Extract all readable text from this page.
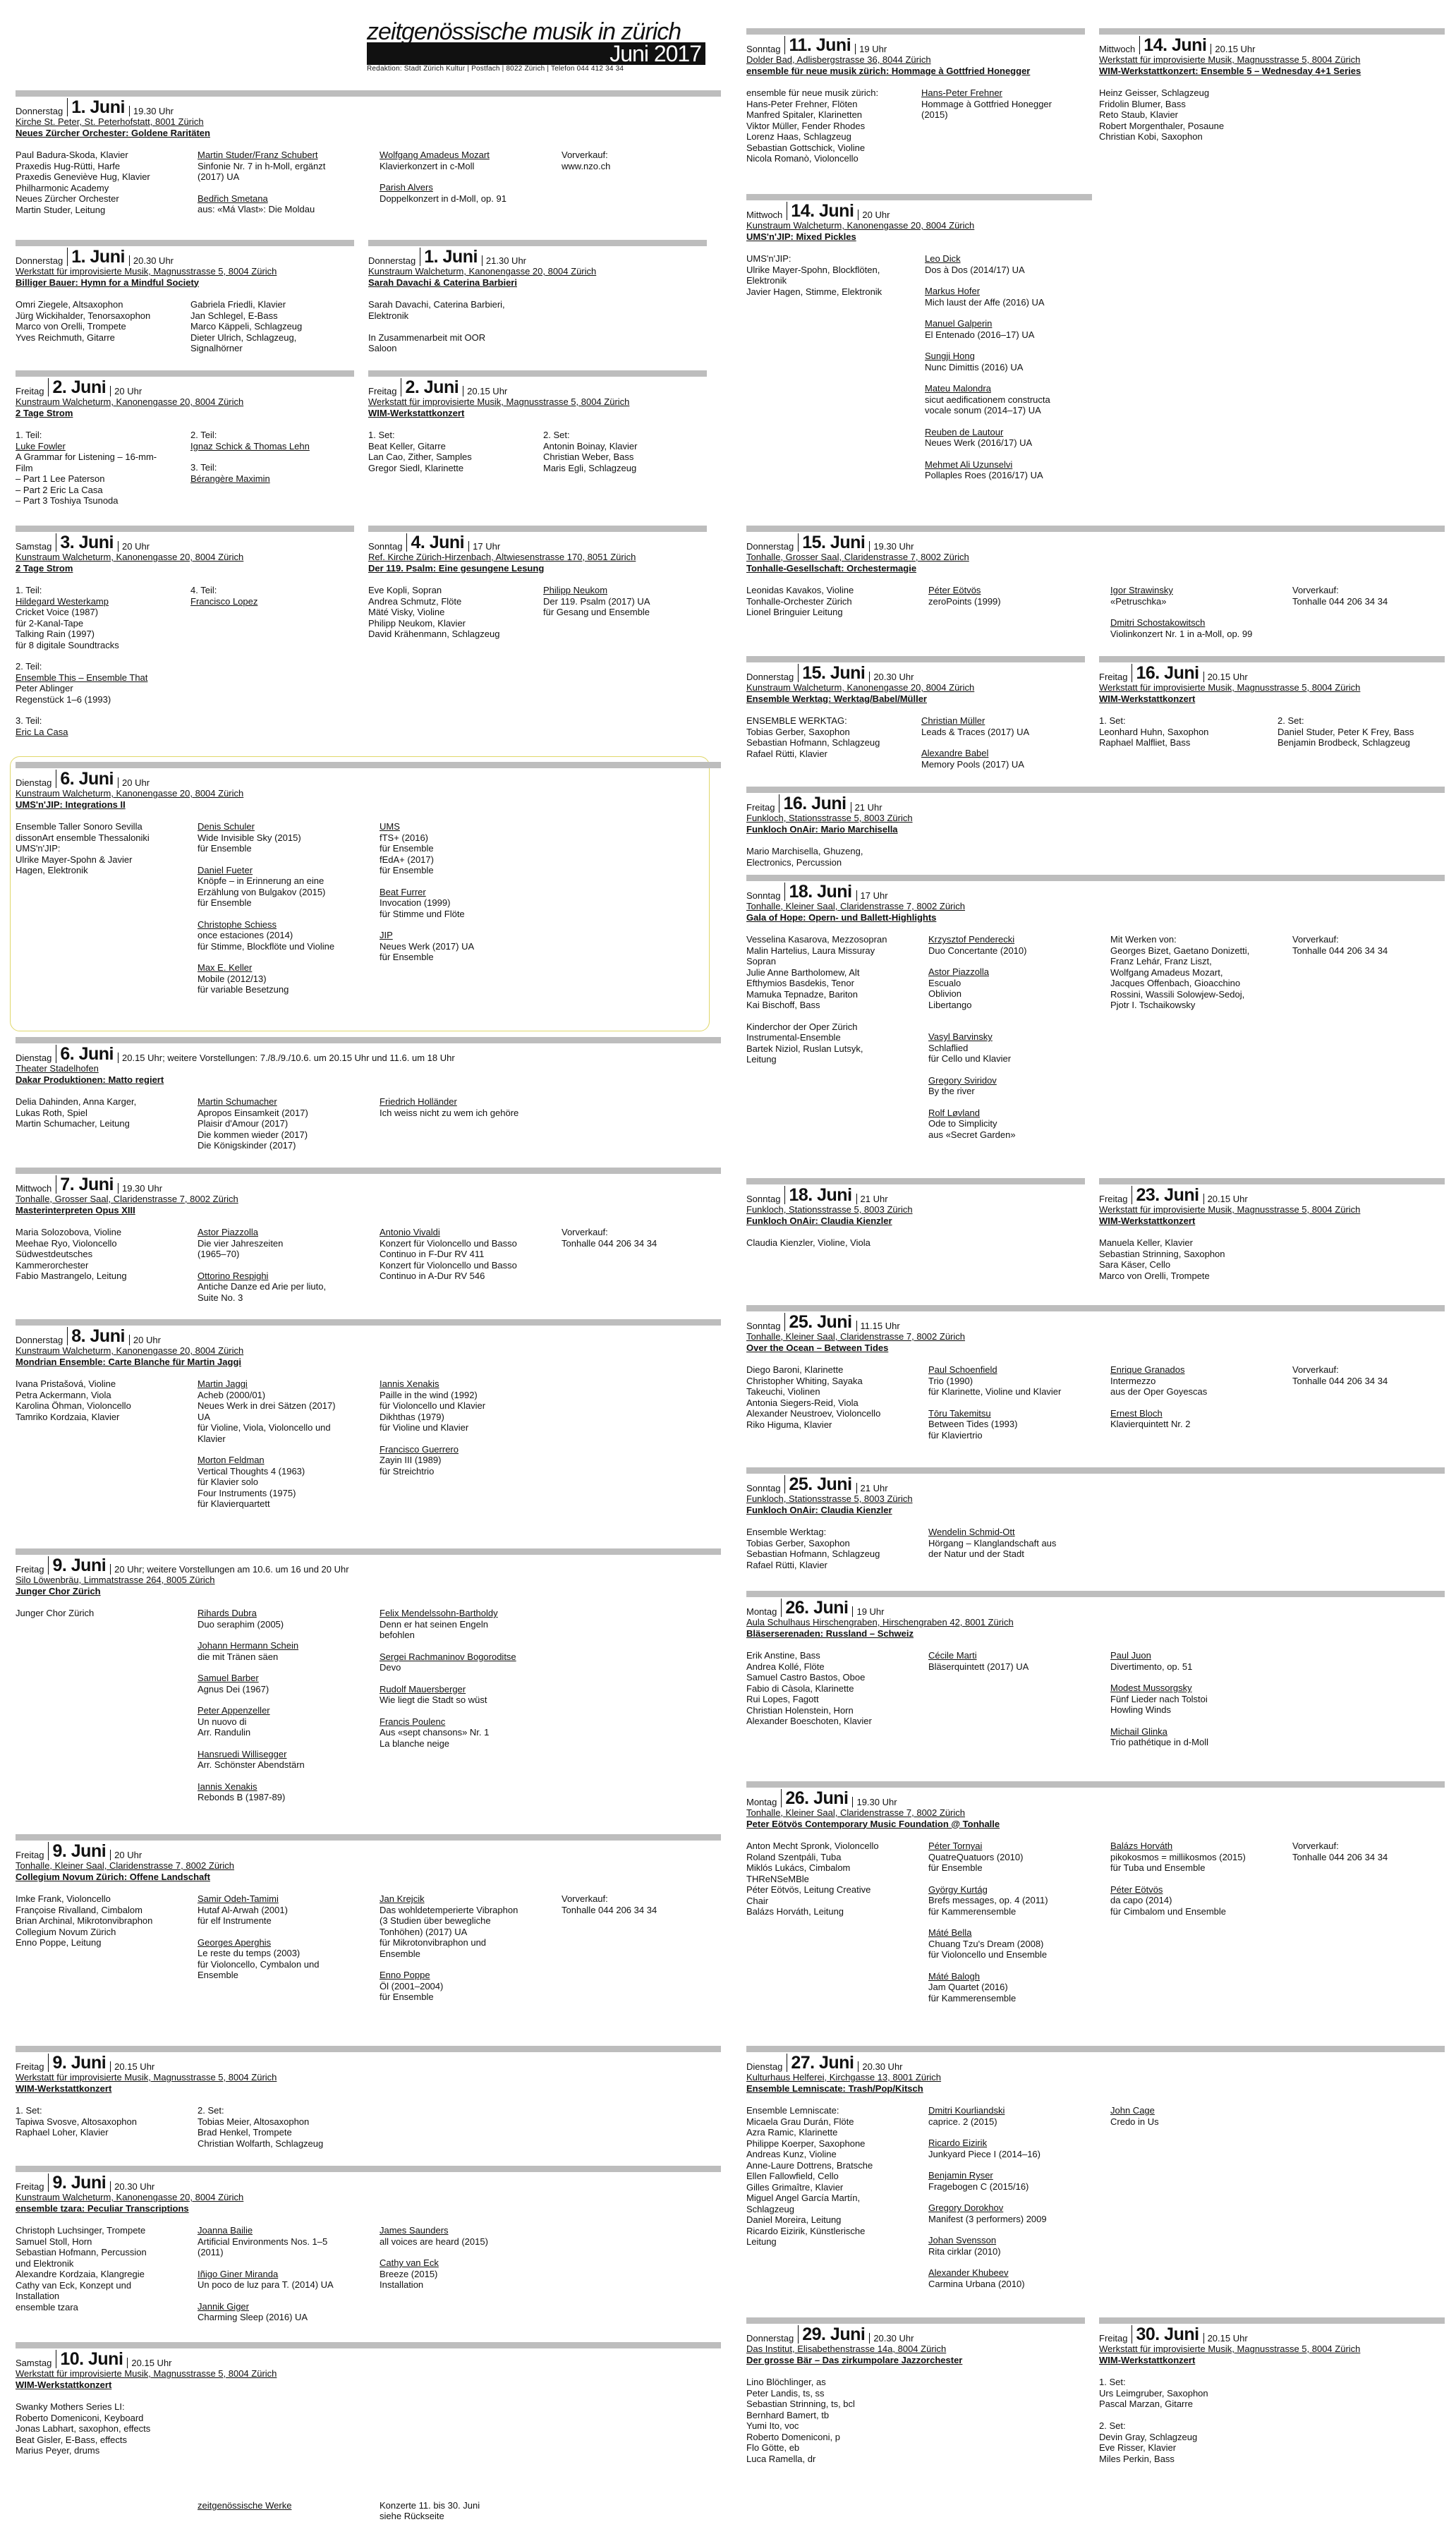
zeitgenössische musik in zürich
Juni 2017
Redaktion: Stadt Zürich Kultur | Postfach | 8022 Zürich | Telefon 044 412 34 34
Donnerstag 1. Juni 19.30 Uhr
Kirche St. Peter, St. Peterhofstatt, 8001 Zürich
Neues Zürcher Orchester: Goldene Raritäten
Paul Badura-Skoda, Klavier
Praxedis Hug-Rütti, Harfe
Praxedis Geneviève Hug, Klavier
Philharmonic Academy
Neues Zürcher Orchester
Martin Studer, Leitung
Martin Studer/Franz Schubert
Sinfonie Nr. 7 in h-Moll, ergänzt
(2017) UA
Bedřich Smetana
aus: «Má Vlast»: Die Moldau
Wolfgang Amadeus Mozart
Klavierkonzert in c-Moll
Parish Alvers
Doppelkonzert in d-Moll, op. 91
Vorverkauf:
www.nzo.ch
Donnerstag 1. Juni 20.30 Uhr
Werkstatt für improvisierte Musik, Magnusstrasse 5, 8004 Zürich
Billiger Bauer: Hymn for a Mindful Society
Omri Ziegele, Altsaxophon
Jürg Wickihalder, Tenorsaxophon
Marco von Orelli, Trompete
Yves Reichmuth, Gitarre
Gabriela Friedli, Klavier
Jan Schlegel, E-Bass
Marco Käppeli, Schlagzeug
Dieter Ulrich, Schlagzeug,
Signalhörner
Donnerstag 1. Juni 21.30 Uhr
Kunstraum Walcheturm, Kanonengasse 20, 8004 Zürich
Sarah Davachi & Caterina Barbieri
Sarah Davachi, Caterina Barbieri,
Elektronik

In Zusammenarbeit mit OOR
Saloon
Freitag 2. Juni 20 Uhr
Kunstraum Walcheturm, Kanonengasse 20, 8004 Zürich
2 Tage Strom
1. Teil:
Luke Fowler
A Grammar for Listening – 16-mm-
Film
– Part 1 Lee Paterson
– Part 2 Eric La Casa
– Part 3 Toshiya Tsunoda
2. Teil:
Ignaz Schick & Thomas Lehn
3. Teil:
Bérangère Maximin
Freitag 2. Juni 20.15 Uhr
Werkstatt für improvisierte Musik, Magnusstrasse 5, 8004 Zürich
WIM-Werkstattkonzert
1. Set:
Beat Keller, Gitarre
Lan Cao, Zither, Samples
Gregor Siedl, Klarinette
2. Set:
Antonin Boinay, Klavier
Christian Weber, Bass
Maris Egli, Schlagzeug
Samstag 3. Juni 20 Uhr
Kunstraum Walcheturm, Kanonengasse 20, 8004 Zürich
2 Tage Strom
1. Teil:
Hildegard Westerkamp
Cricket Voice (1987)
für 2-Kanal-Tape
Talking Rain (1997)
für 8 digitale Soundtracks
2. Teil:
Ensemble This – Ensemble That
Peter Ablinger
Regenstück 1–6 (1993)
3. Teil:
Eric La Casa
4. Teil:
Francisco Lopez
Sonntag 4. Juni 17 Uhr
Ref. Kirche Zürich-Hirzenbach, Altwiesenstrasse 170, 8051 Zürich
Der 119. Psalm: Eine gesungene Lesung
Eve Kopli, Sopran
Andrea Schmutz, Flöte
Mäté Visky, Violine
Philipp Neukom, Klavier
David Krähenmann, Schlagzeug
Philipp Neukom
Der 119. Psalm (2017) UA
für Gesang und Ensemble
Dienstag 6. Juni 20 Uhr
Kunstraum Walcheturm, Kanonengasse 20, 8004 Zürich
UMS'n'JIP: Integrations II
Ensemble Taller Sonoro Sevilla
dissonArt ensemble Thessaloniki
UMS'n'JIP:
Ulrike Mayer-Spohn & Javier
Hagen, Elektronik
Denis Schuler
Wide Invisible Sky (2015)
für Ensemble
Daniel Fueter
Knöpfe – in Erinnerung an eine
Erzählung von Bulgakov (2015)
für Ensemble
Christophe Schiess
once estaciones (2014)
für Stimme, Blockflöte und Violine
Max E. Keller
Mobile (2012/13)
für variable Besetzung
UMS
fTS+ (2016)
für Ensemble
fEdA+ (2017)
für Ensemble
Beat Furrer
Invocation (1999)
für Stimme und Flöte
JIP
Neues Werk (2017) UA
für Ensemble
Dienstag 6. Juni 20.15 Uhr; weitere Vorstellungen: 7./8./9./10.6. um 20.15 Uhr und 11.6. um 18 Uhr
Theater Stadelhofen
Dakar Produktionen: Matto regiert
Delia Dahinden, Anna Karger,
Lukas Roth, Spiel
Martin Schumacher, Leitung
Martin Schumacher
Apropos Einsamkeit (2017)
Plaisir d'Amour (2017)
Die kommen wieder (2017)
Die Königskinder (2017)
Friedrich Holländer
Ich weiss nicht zu wem ich gehöre
Mittwoch 7. Juni 19.30 Uhr
Tonhalle, Grosser Saal, Claridenstrasse 7, 8002 Zürich
Masterinterpreten Opus XIII
Maria Solozobova, Violine
Meehae Ryo, Violoncello
Südwestdeutsches
Kammerorchester
Fabio Mastrangelo, Leitung
Astor Piazzolla
Die vier Jahreszeiten
(1965–70)
Ottorino Respighi
Antiche Danze ed Arie per liuto,
Suite No. 3
Antonio Vivaldi
Konzert für Violoncello und Basso
Continuo in F-Dur RV 411
Konzert für Violoncello und Basso
Continuo in A-Dur RV 546
Vorverkauf:
Tonhalle 044 206 34 34
Donnerstag 8. Juni 20 Uhr
Kunstraum Walcheturm, Kanonengasse 20, 8004 Zürich
Mondrian Ensemble: Carte Blanche für Martin Jaggi
Ivana Pristašová, Violine
Petra Ackermann, Viola
Karolina Öhman, Violoncello
Tamriko Kordzaia, Klavier
Martin Jaggi
Acheb (2000/01)
Neues Werk in drei Sätzen (2017)
UA
für Violine, Viola, Violoncello und
Klavier
Morton Feldman
Vertical Thoughts 4 (1963)
für Klavier solo
Four Instruments (1975)
für Klavierquartett
Iannis Xenakis
Paille in the wind (1992)
für Violoncello und Klavier
Dikhthas (1979)
für Violine und Klavier
Francisco Guerrero
Zayin III (1989)
für Streichtrio
Freitag 9. Juni 20 Uhr; weitere Vorstellungen am 10.6. um 16 und 20 Uhr
Silo Löwenbräu, Limmatstrasse 264, 8005 Zürich
Junger Chor Zürich
Junger Chor Zürich	Rihards Dubra
Duo seraphim (2005)
Johann Hermann Schein
die mit Tränen säen
Samuel Barber
Agnus Dei (1967)
Peter Appenzeller
Un nuovo di
Arr. Randulin
Hansruedi Willisegger
Arr. Schönster Abendstärn
Iannis Xenakis
Rebonds B (1987-89)
Felix Mendelssohn-Bartholdy
Denn er hat seinen Engeln
befohlen
Sergei Rachmaninov Bogoroditse
Devo
Rudolf Mauersberger
Wie liegt die Stadt so wüst
Francis Poulenc
Aus «sept chansons» Nr. 1
La blanche neige
Freitag 9. Juni 20 Uhr
Tonhalle, Kleiner Saal, Claridenstrasse 7, 8002 Zürich
Collegium Novum Zürich: Offene Landschaft
Imke Frank, Violoncello
Françoise Rivalland, Cimbalom
Brian Archinal, Mikrotonvibraphon
Collegium Novum Zürich
Enno Poppe, Leitung
Samir Odeh-Tamimi
Hutaf Al-Arwah (2001)
für elf Instrumente
Georges Aperghis
Le reste du temps (2003)
für Violoncello, Cymbalon und
Ensemble
Jan Krejcik
Das wohldetemperierte Vibraphon
(3 Studien über bewegliche
Tonhöhen) (2017) UA
für Mikrotonvibraphon und
Ensemble
Enno Poppe
Öl (2001–2004)
für Ensemble
Vorverkauf:
Tonhalle 044 206 34 34
Freitag 9. Juni 20.15 Uhr
Werkstatt für improvisierte Musik, Magnusstrasse 5, 8004 Zürich
WIM-Werkstattkonzert
1. Set:
Tapiwa Svosve, Altosaxophon
Raphael Loher, Klavier
2. Set:
Tobias Meier, Altosaxophon
Brad Henkel, Trompete
Christian Wolfarth, Schlagzeug
Freitag 9. Juni 20.30 Uhr
Kunstraum Walcheturm, Kanonengasse 20, 8004 Zürich
ensemble tzara: Peculiar Transcriptions
Christoph Luchsinger, Trompete
Samuel Stoll, Horn
Sebastian Hofmann, Percussion
und Elektronik
Alexandre Kordzaia, Klangregie
Cathy van Eck, Konzept und
Installation
ensemble tzara
Joanna Bailie
Artificial Environments Nos. 1–5
(2011)
Iñigo Giner Miranda
Un poco de luz para T. (2014) UA
Jannik Giger
Charming Sleep (2016) UA
James Saunders
all voices are heard (2015)
Cathy van Eck
Breeze (2015)
Installation
Samstag 10. Juni 20.15 Uhr
Werkstatt für improvisierte Musik, Magnusstrasse 5, 8004 Zürich
WIM-Werkstattkonzert
Swanky Mothers Series LI:
Roberto Domeniconi, Keyboard
Jonas Labhart, saxophon, effects
Beat Gisler, E-Bass, effects
Marius Peyer, drums

zeitgenössische Werke	

Konzerte 11. bis 30. Juni
siehe Rückseite
Sonntag 11. Juni 19 Uhr
Dolder Bad, Adlisbergstrasse 36, 8044 Zürich
ensemble für neue musik zürich: Hommage à Gottfried Honegger
ensemble für neue musik zürich:
Hans-Peter Frehner, Flöten
Manfred Spitaler, Klarinetten
Viktor Müller, Fender Rhodes
Lorenz Haas, Schlagzeug
Sebastian Gottschick, Violine
Nicola Romanò, Violoncello
Hans-Peter Frehner
Hommage à Gottfried Honegger
(2015)
Mittwoch 14. Juni 20.15 Uhr
Werkstatt für improvisierte Musik, Magnusstrasse 5, 8004 Zürich
WIM-Werkstattkonzert: Ensemble 5 – Wednesday 4+1 Series
Heinz Geisser, Schlagzeug
Fridolin Blumer, Bass
Reto Staub, Klavier
Robert Morgenthaler, Posaune
Christian Kobi, Saxophon
Mittwoch 14. Juni 20 Uhr
Kunstraum Walcheturm, Kanonengasse 20, 8004 Zürich
UMS'n'JIP: Mixed Pickles
UMS'n'JIP:
Ulrike Mayer-Spohn, Blockflöten,
Elektronik
Javier Hagen, Stimme, Elektronik
Leo Dick
Dos à Dos (2014/17) UA
Markus Hofer
Mich laust der Affe (2016) UA
Manuel Galperin
El Entenado (2016–17) UA
Sungji Hong
Nunc Dimittis (2016) UA
Mateu Malondra
sicut aedificationem constructa
vocale sonum (2014–17) UA
Reuben de Lautour
Neues Werk (2016/17) UA
Mehmet Ali Uzunselvi
Pollaples Roes (2016/17) UA
Donnerstag 15. Juni 19.30 Uhr
Tonhalle, Grosser Saal, Claridenstrasse 7, 8002 Zürich
Tonhalle-Gesellschaft: Orchestermagie
Leonidas Kavakos, Violine
Tonhalle-Orchester Zürich
Lionel Bringuier Leitung
Péter Eötvös
zeroPoints (1999)
Igor Strawinsky
«Petruschka»
Dmitri Schostakowitsch
Violinkonzert Nr. 1 in a-Moll, op. 99
Vorverkauf:
Tonhalle 044 206 34 34
Donnerstag 15. Juni 20.30 Uhr
Kunstraum Walcheturm, Kanonengasse 20, 8004 Zürich
Ensemble Werktag: Werktag/Babel/Müller
ENSEMBLE WERKTAG:
Tobias Gerber, Saxophon
Sebastian Hofmann, Schlagzeug
Rafael Rütti, Klavier
Christian Müller
Leads & Traces (2017) UA
Alexandre Babel
Memory Pools (2017) UA
Freitag 16. Juni 20.15 Uhr
Werkstatt für improvisierte Musik, Magnusstrasse 5, 8004 Zürich
WIM-Werkstattkonzert
1. Set:
Leonhard Huhn, Saxophon
Raphael Malfliet, Bass
2. Set:
Daniel Studer, Peter K Frey, Bass
Benjamin Brodbeck, Schlagzeug
Freitag 16. Juni 21 Uhr
Funkloch, Stationsstrasse 5, 8003 Zürich
Funkloch OnAir: Mario Marchisella
Mario Marchisella, Ghuzeng,
Electronics, Percussion
Sonntag 18. Juni 17 Uhr
Tonhalle, Kleiner Saal, Claridenstrasse 7, 8002 Zürich
Gala of Hope: Opern- und Ballett-Highlights
Vesselina Kasarova, Mezzosopran
Malin Hartelius, Laura Missuray
Sopran
Julie Anne Bartholomew, Alt
Efthymios Basdekis, Tenor
Mamuka Tepnadze, Bariton
Kai Bischoff, Bass
Kinderchor der Oper Zürich
Instrumental-Ensemble
Bartek Niziol, Ruslan Lutsyk,
Leitung
Krzysztof Penderecki
Duo Concertante (2010)
Astor Piazzolla
Escualo
Oblivion
Libertango
Vasyl Barvinsky
Schlaflied
für Cello und Klavier
Gregory Sviridov
By the river
Rolf Løvland
Ode to Simplicity
aus «Secret Garden»
Mit Werken von:
Georges Bizet, Gaetano Donizetti,
Franz Lehár, Franz Liszt,
Wolfgang Amadeus Mozart,
Jacques Offenbach, Gioacchino
Rossini, Wassili Solowjew-Sedoj,
Pjotr I. Tschaikowsky
Vorverkauf:
Tonhalle 044 206 34 34
Sonntag 18. Juni 21 Uhr
Funkloch, Stationsstrasse 5, 8003 Zürich
Funkloch OnAir: Claudia Kienzler
Claudia Kienzler, Violine, Viola
Freitag 23. Juni 20.15 Uhr
Werkstatt für improvisierte Musik, Magnusstrasse 5, 8004 Zürich
WIM-Werkstattkonzert
Manuela Keller, Klavier
Sebastian Strinning, Saxophon
Sara Käser, Cello
Marco von Orelli, Trompete
Sonntag 25. Juni 11.15 Uhr
Tonhalle, Kleiner Saal, Claridenstrasse 7, 8002 Zürich
Over the Ocean – Between Tides
Diego Baroni, Klarinette
Christopher Whiting, Sayaka
Takeuchi, Violinen
Antonia Siegers-Reid, Viola
Alexander Neustroev, Violoncello
Riko Higuma, Klavier
Paul Schoenfield
Trio (1990)
für Klarinette, Violine und Klavier
Tōru Takemitsu
Between Tides (1993)
für Klaviertrio
Enrique Granados
Intermezzo
aus der Oper Goyescas
Ernest Bloch
Klavierquintett Nr. 2
Vorverkauf:
Tonhalle 044 206 34 34
Sonntag 25. Juni 21 Uhr
Funkloch, Stationsstrasse 5, 8003 Zürich
Funkloch OnAir: Claudia Kienzler
Ensemble Werktag:
Tobias Gerber, Saxophon
Sebastian Hofmann, Schlagzeug
Rafael Rütti, Klavier
Wendelin Schmid-Ott
Hörgang – Klanglandschaft aus
der Natur und der Stadt
Montag 26. Juni 19 Uhr
Aula Schulhaus Hirschengraben, Hirschengraben 42, 8001 Zürich
Bläserserenaden: Russland – Schweiz
Erik Anstine, Bass
Andrea Kollé, Flöte
Samuel Castro Bastos, Oboe
Fabio di Càsola, Klarinette
Rui Lopes, Fagott
Christian Holenstein, Horn
Alexander Boeschoten, Klavier
Cécile Marti
Bläserquintett (2017) UA
Paul Juon
Divertimento, op. 51
Modest Mussorgsky
Fünf Lieder nach Tolstoi
Howling Winds
Michail Glinka
Trio pathétique in d-Moll
Montag 26. Juni 19.30 Uhr
Tonhalle, Kleiner Saal, Claridenstrasse 7, 8002 Zürich
Peter Eötvös Contemporary Music Foundation @ Tonhalle
Anton Mecht Spronk, Violoncello
Roland Szentpáli, Tuba
Miklós Lukács, Cimbalom
THReNSeMBle
Péter Eötvös, Leitung Creative
Chair
Balázs Horváth, Leitung
Péter Tornyai
QuatreQuatuors (2010)
für Ensemble
György Kurtág
Brefs messages, op. 4 (2011)
für Kammerensemble
Máté Bella
Chuang Tzu's Dream (2008)
für Violoncello und Ensemble
Máté Balogh
Jam Quartet (2016)
für Kammerensemble
Balázs Horváth
pikokosmos = millikosmos (2015)
für Tuba und Ensemble
Péter Eötvös
da capo (2014)
für Cimbalom und Ensemble
Vorverkauf:
Tonhalle 044 206 34 34
Dienstag 27. Juni 20.30 Uhr
Kulturhaus Helferei, Kirchgasse 13, 8001 Zürich
Ensemble Lemniscate: Trash/Pop/Kitsch
Ensemble Lemniscate:
Micaela Grau Durán, Flöte
Azra Ramic, Klarinette
Philippe Koerper, Saxophone
Andreas Kunz, Violine
Anne-Laure Dottrens, Bratsche
Ellen Fallowfield, Cello
Gilles Grimaître, Klavier
Miguel Angel García Martín,
Schlagzeug
Daniel Moreira, Leitung
Ricardo Eizirik, Künstlerische
Leitung
Dmitri Kourliandski
caprice. 2 (2015)
Ricardo Eizirik
Junkyard Piece I (2014–16)
Benjamin Ryser
Fragebogen C (2015/16)
Gregory Dorokhov
Manifest (3 performers) 2009
Johan Svensson
Rita cirklar (2010)
Alexander Khubeev
Carmina Urbana (2010)
John Cage
Credo in Us
Donnerstag 29. Juni 20.30 Uhr
Das Institut, Elisabethenstrasse 14a, 8004 Zürich
Der grosse Bär – Das zirkumpolare Jazzorchester
Lino Blöchlinger, as
Peter Landis, ts, ss
Sebastian Strinning, ts, bcl
Bernhard Bamert, tb
Yumi Ito, voc
Roberto Domeniconi, p
Flo Götte, eb
Luca Ramella, dr
Freitag 30. Juni 20.15 Uhr
Werkstatt für improvisierte Musik, Magnusstrasse 5, 8004 Zürich
WIM-Werkstattkonzert
1. Set:
Urs Leimgruber, Saxophon
Pascal Marzan, Gitarre

2. Set:
Devin Gray, Schlagzeug
Eve Risser, Klavier
Miles Perkin, Bass
